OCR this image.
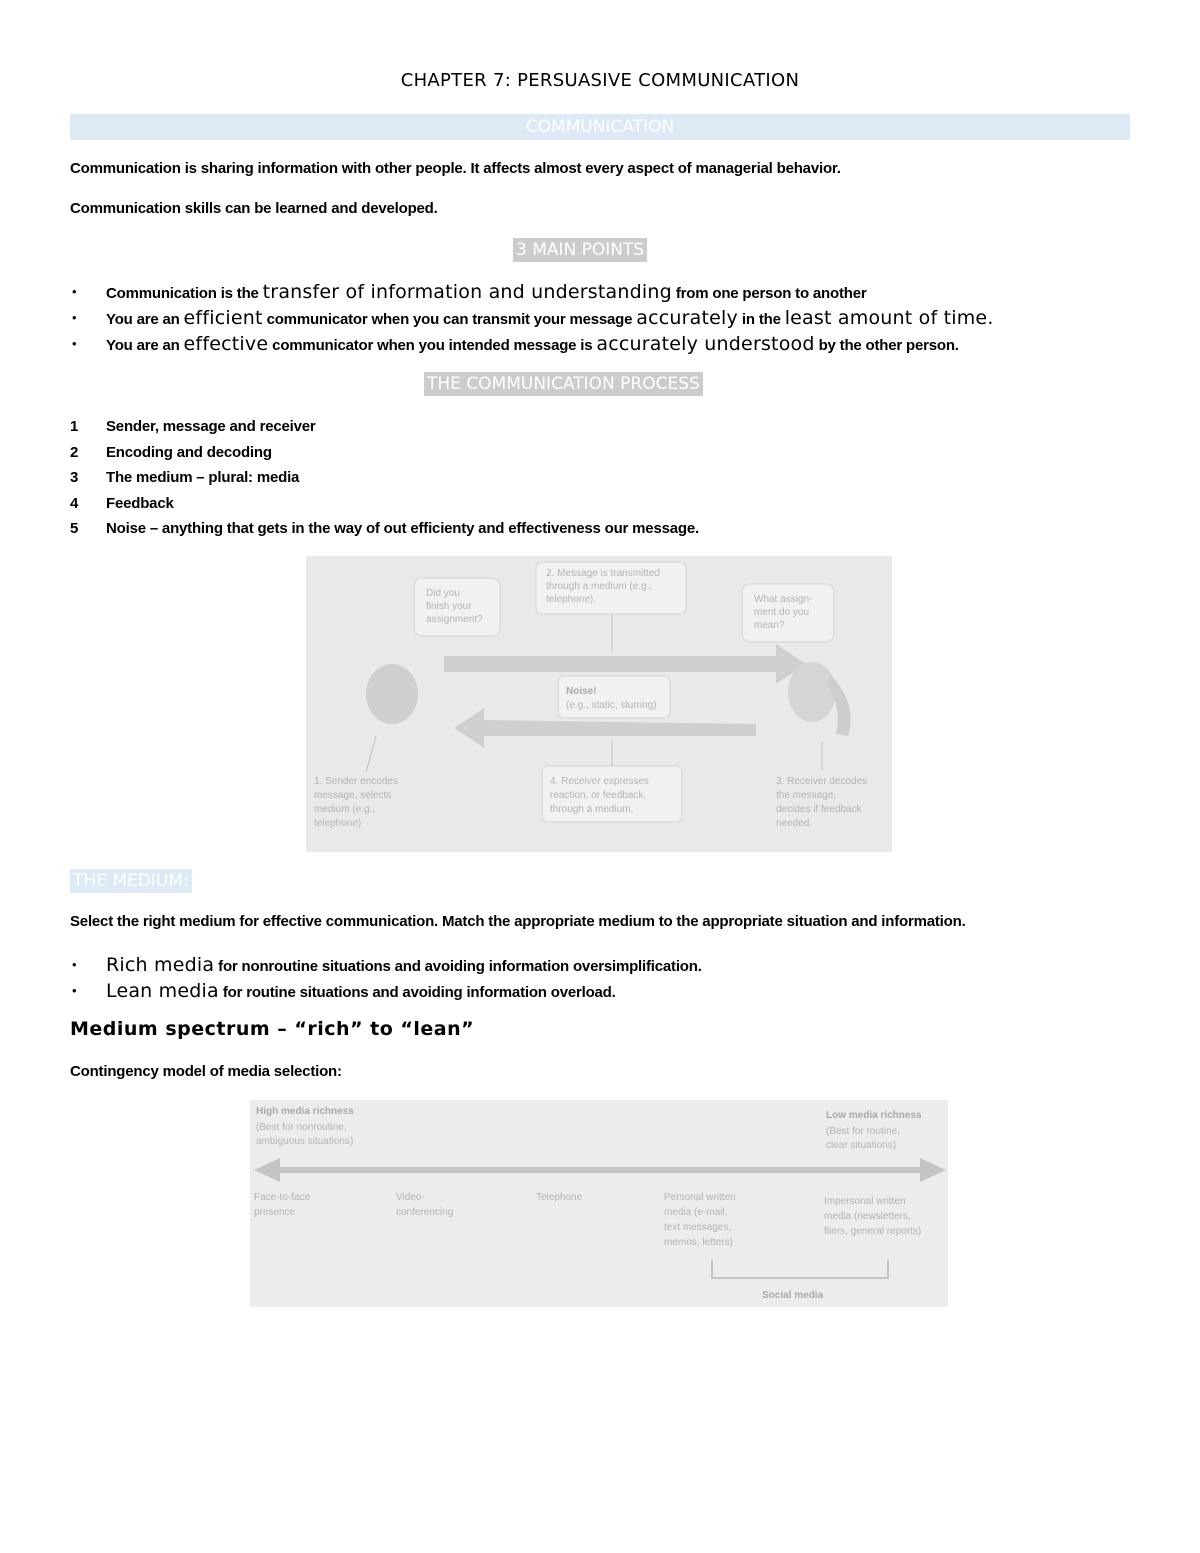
CHAPTER 7: PERSUASIVE COMMUNICATION
COMMUNICATION
Communication is sharing information with other people. It affects almost every aspect of managerial behavior.
Communication skills can be learned and developed.
3 MAIN POINTS
• Communication is the transfer of information and understanding from one person to another
• You are an efficient communicator when you can transmit your message accurately in the least amount of time.
• You are an effective communicator when you intended message is accurately understood by the other person.
THE COMMUNICATION PROCESS
1 Sender, message and receiver
2 Encoding and decoding
3 The medium – plural: media
4 Feedback
5 Noise – anything that gets in the way of out efficienty and effectiveness our message.
Did you
finish your
assignment?
What assign-
ment do you
mean?
2. Message is transmitted
through a medium (e.g.,
telephone).
Noise!
(e.g., static, slurring)
1. Sender encodes
message, selects
medium (e.g.,
telephone)
4. Receiver expresses
reaction, or feedback,
through a medium.
3. Receiver decodes
the message,
decides if feedback
needed.
THE MEDIUM:
Select the right medium for effective communication. Match the appropriate medium to the appropriate situation and information.
• Rich media for nonroutine situations and avoiding information oversimplification.
• Lean media for routine situations and avoiding information overload.
Medium spectrum – “rich” to “lean”
Contingency model of media selection:
High media richness
(Best for nonroutine,
ambiguous situations)
Low media richness
(Best for routine,
clear situations)
Face-to-face
presence
Video-
conferencing
Telephone	Personal written
media (e-mail,
text messages,
memos, letters)
Impersonal written
media (newsletters,
fliers, general reports)
Social media
